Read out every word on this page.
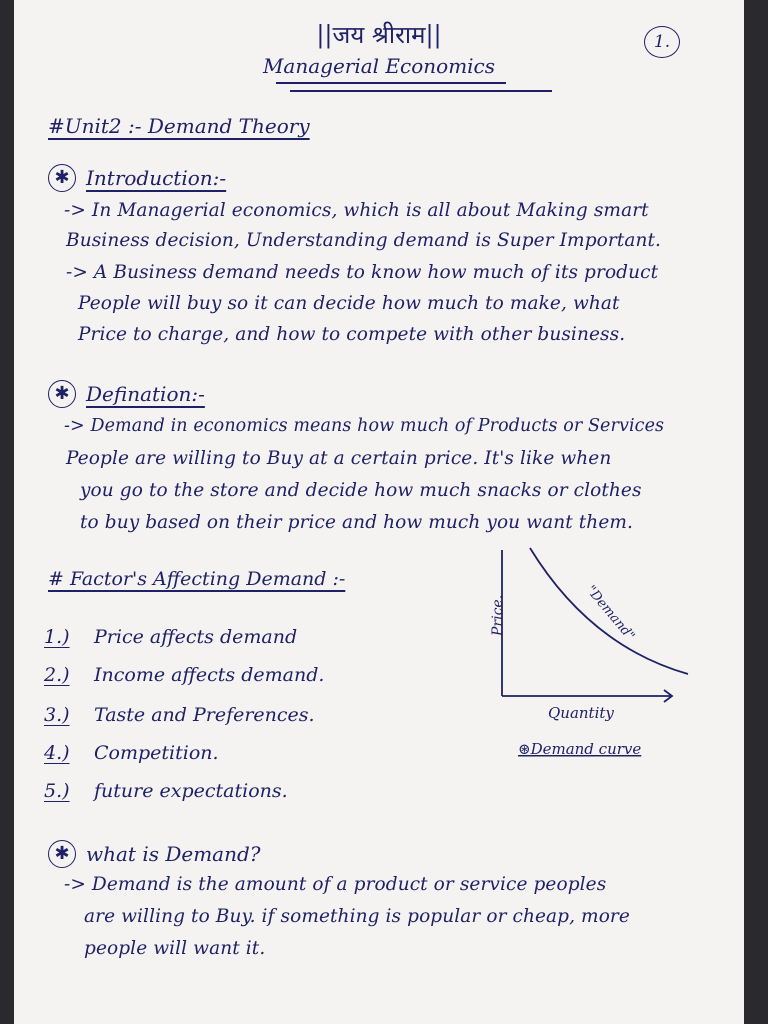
||जय श्रीराम||	1.
Managerial Economics
#Unit2 :- Demand Theory
✱ Introduction:-
-> In Managerial economics, which is all about Making smart
Business decision, Understanding demand is Super Important.
-> A Business demand needs to know how much of its product
People will buy so it can decide how much to make, what
Price to charge, and how to compete with other business.
✱ Defination:-
-> Demand in economics means how much of Products or Services
People are willing to Buy at a certain price. It's like when
you go to the store and decide how much snacks or clothes
to buy based on their price and how much you want them.
# Factor's Affecting Demand :-
1.) Price affects demand
2.) Income affects demand.
3.) Taste and Preferences.
4.) Competition.
5.) future expectations.
Price.	"Demand"
Quantity
⊛Demand curve
✱ what is Demand?
-> Demand is the amount of a product or service peoples
are willing to Buy. if something is popular or cheap, more
people will want it.
